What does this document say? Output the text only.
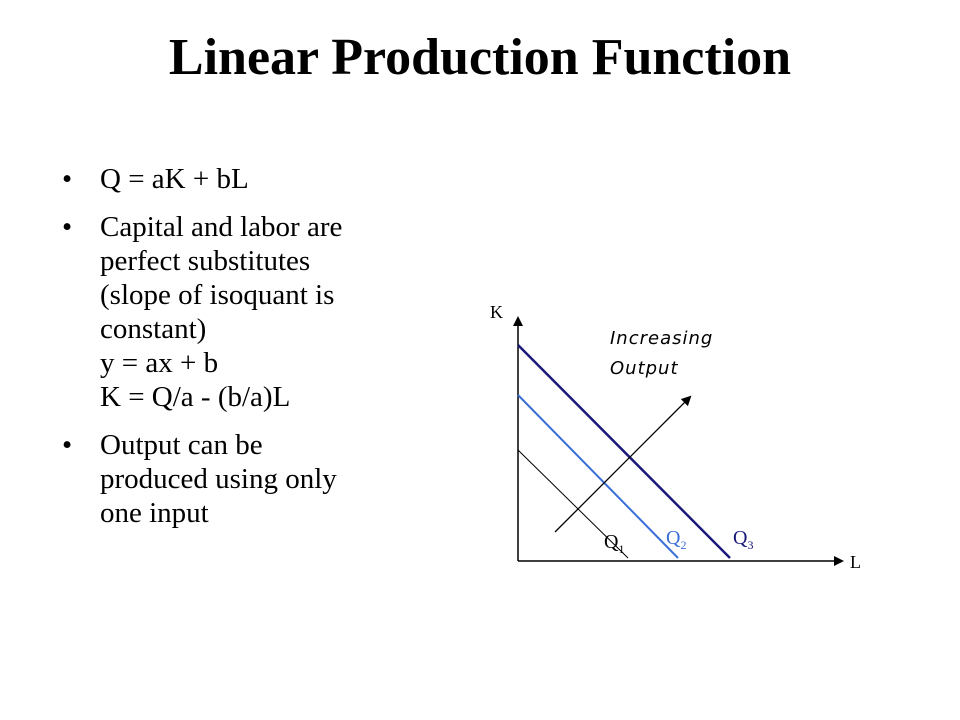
Linear Production Function
• Q = aK + bL
• Capital and labor are
perfect substitutes
(slope of isoquant is
constant)
y = ax + b
K = Q/a - (b/a)L
• Output can be
produced using only
one input
K
L
Increasing
Output
$Q_1$ $Q_2$ $Q_3$
